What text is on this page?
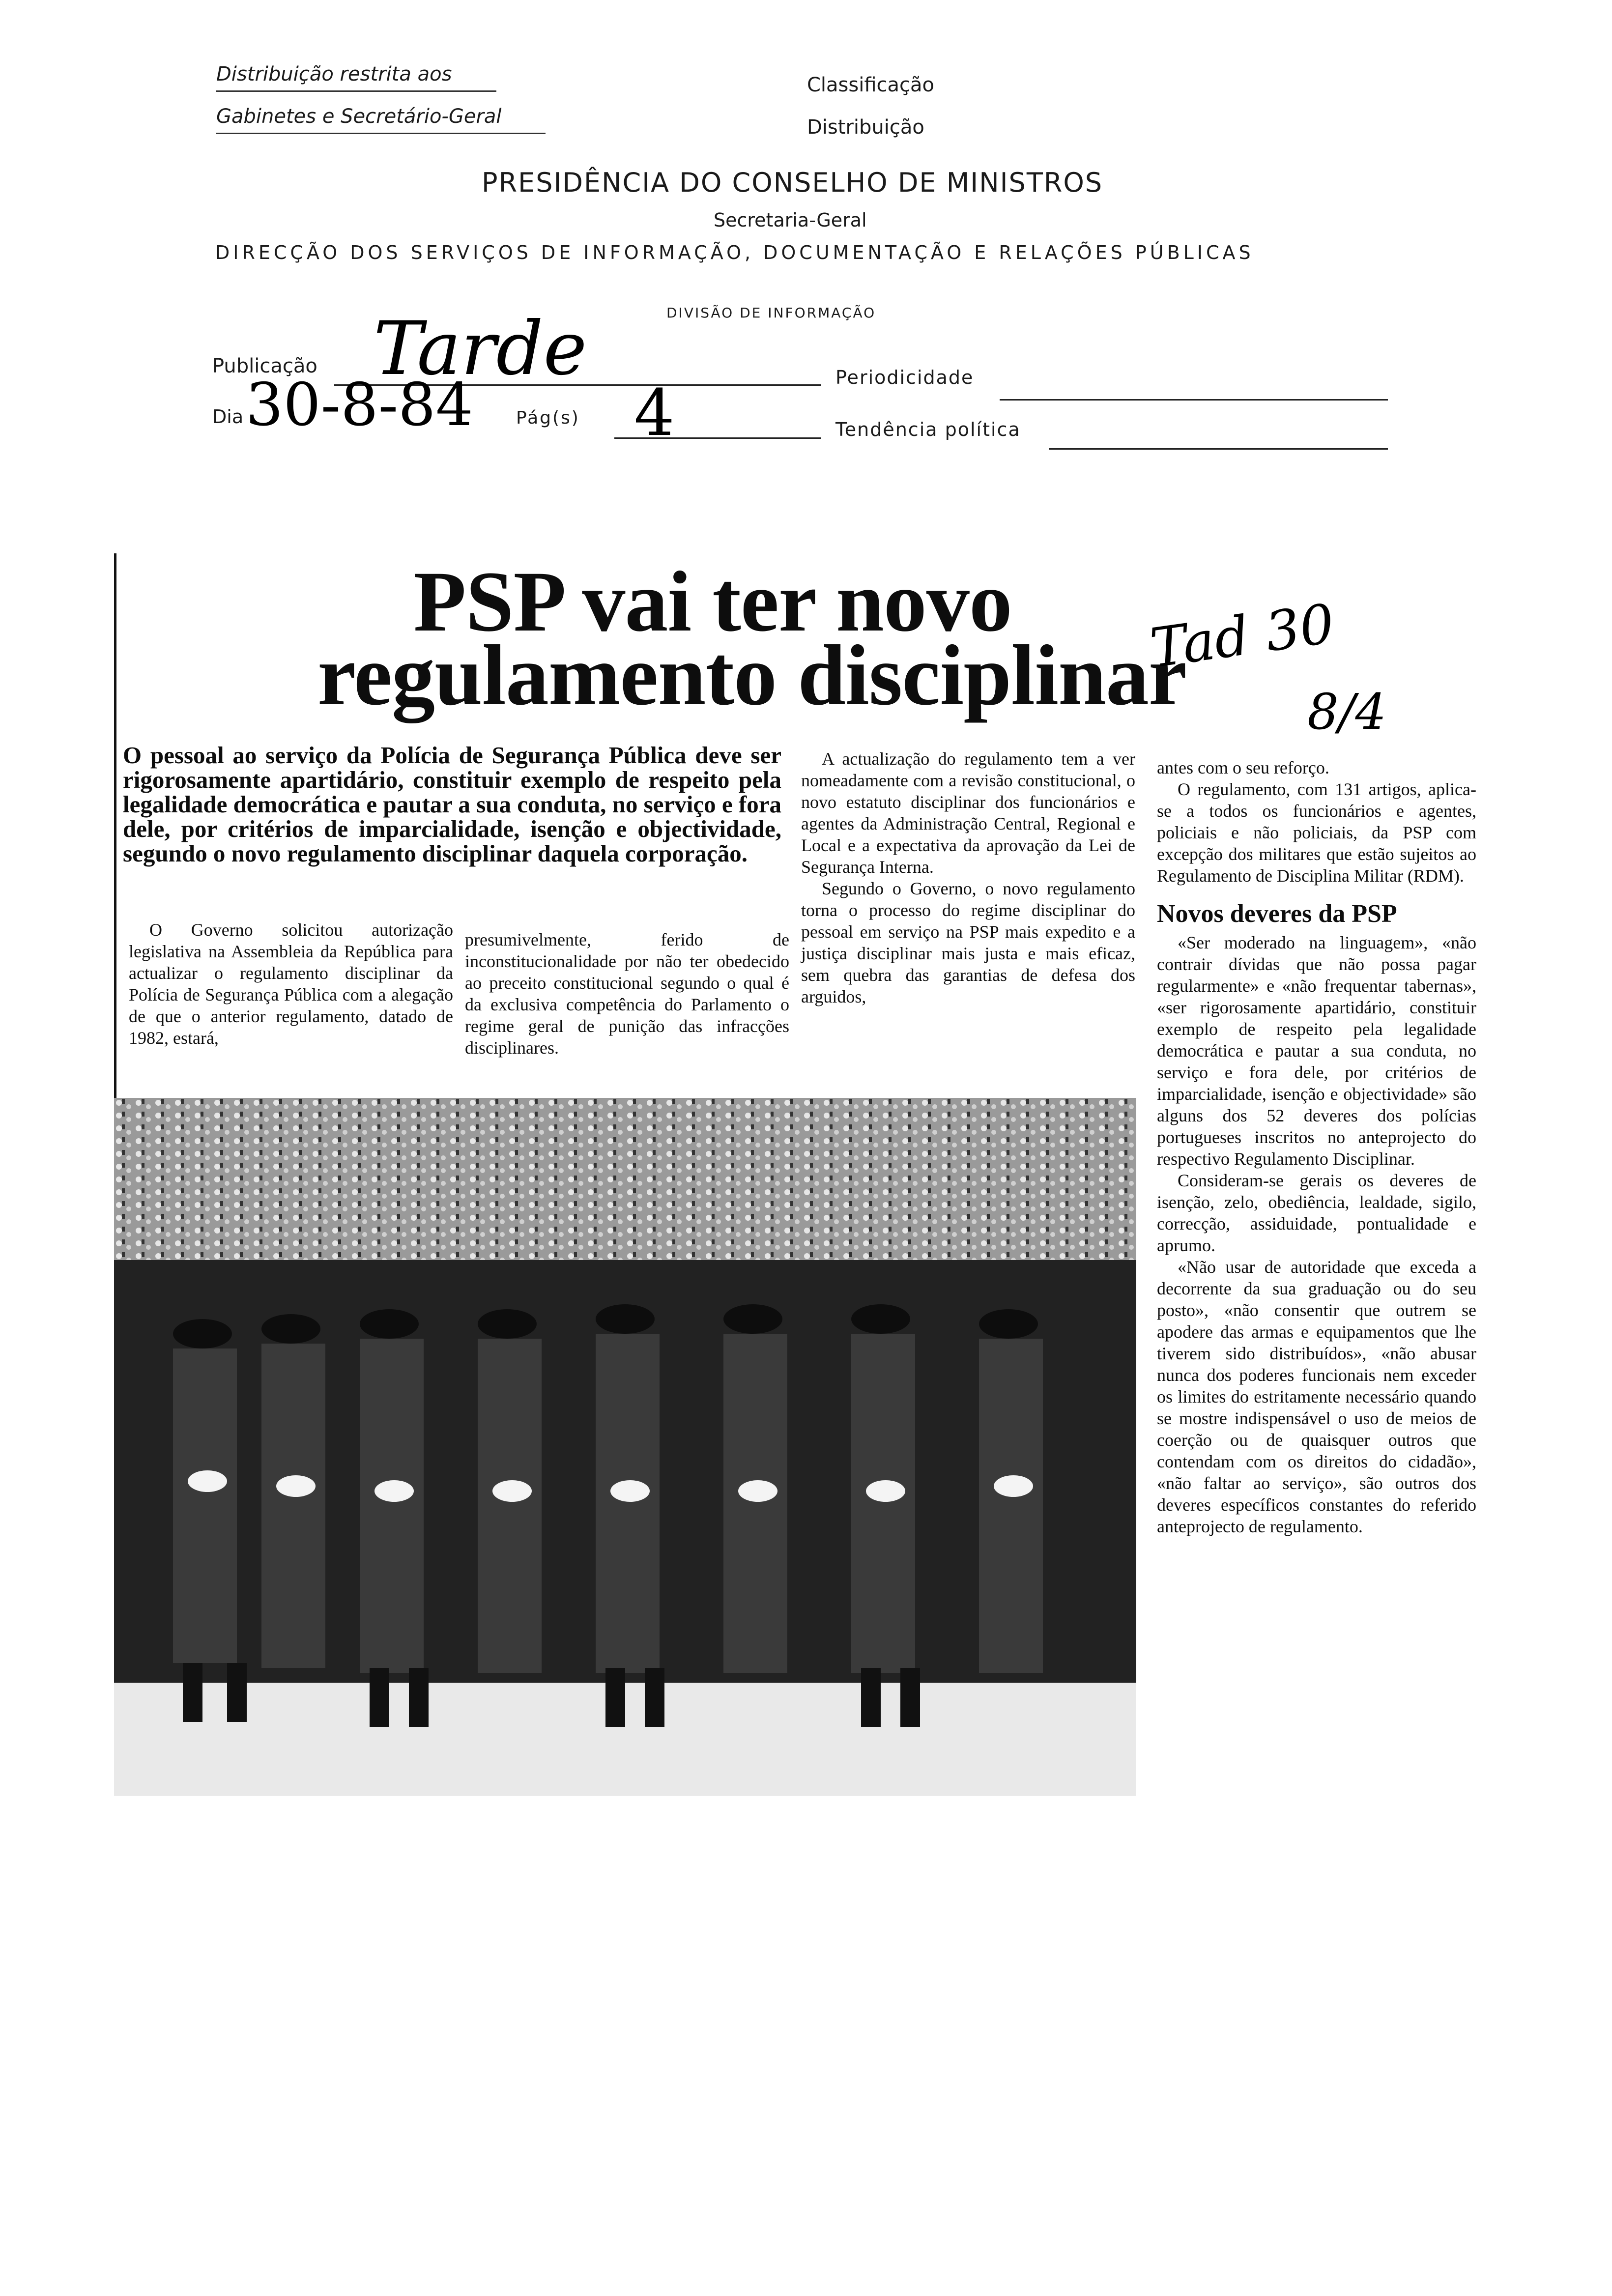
Distribuição restrita aos
Gabinetes e Secretário-Geral
Classificação
Distribuição
PRESIDÊNCIA DO CONSELHO DE MINISTROS
Secretaria-Geral
DIRECÇÃO DOS SERVIÇOS DE INFORMAÇÃO, DOCUMENTAÇÃO E RELAÇÕES PÚBLICAS
DIVISÃO DE INFORMAÇÃO
Publicação Tarde	Periodicidade
Dia 30-8-84 Pág(s) 4	Tendência política
PSP vai ter novo
regulamento disciplinar
Tad 30
8/4
O pessoal ao serviço da Polícia de Segurança Pública deve ser rigorosamente apartidário, constituir exemplo de respeito pela legalidade democrática e pautar a sua conduta, no serviço e fora dele, por critérios de imparcialidade, isenção e objectividade, segundo o novo regulamento disciplinar daquela corporação.

O Governo solicitou autorização legislativa na Assembleia da República para actualizar o regulamento disciplinar da Polícia de Segurança Pública com a alegação de que o anterior regulamento, datado de 1982, estará,

presumivelmente, ferido de inconstitucionalidade por não ter obedecido ao preceito constitucional segundo o qual é da exclusiva competência do Parlamento o regime geral de punição das infracções disciplinares.

A actualização do regulamento tem a ver nomeadamente com a revisão constitucional, o novo estatuto disciplinar dos funcionários e agentes da Administração Central, Regional e Local e a expectativa da aprovação da Lei de Segurança Interna.

Segundo o Governo, o novo regulamento torna o processo do regime disciplinar do pessoal em serviço na PSP mais expedito e a justiça disciplinar mais justa e mais eficaz, sem quebra das garantias de defesa dos arguidos,

antes com o seu reforço.

O regulamento, com 131 artigos, aplica-se a todos os funcionários e agentes, policiais e não policiais, da PSP com excepção dos militares que estão sujeitos ao Regulamento de Disciplina Militar (RDM).

Novos deveres da PSP

«Ser moderado na linguagem», «não contrair dívidas que não possa pagar regularmente» e «não frequentar tabernas», «ser rigorosamente apartidário, constituir exemplo de respeito pela legalidade democrática e pautar a sua conduta, no serviço e fora dele, por critérios de imparcialidade, isenção e objectividade» são alguns dos 52 deveres dos polícias portugueses inscritos no anteprojecto do respectivo Regulamento Disciplinar.

Consideram-se gerais os deveres de isenção, zelo, obediência, lealdade, sigilo, correcção, assiduidade, pontualidade e aprumo.

«Não usar de autoridade que exceda a decorrente da sua graduação ou do seu posto», «não consentir que outrem se apodere das armas e equipamentos que lhe tiverem sido distribuídos», «não abusar nunca dos poderes funcionais nem exceder os limites do estritamente necessário quando se mostre indispensável o uso de meios de coerção ou de quaisquer outros que contendam com os direitos do cidadão», «não faltar ao serviço», são outros dos deveres específicos constantes do referido anteprojecto de regulamento.
